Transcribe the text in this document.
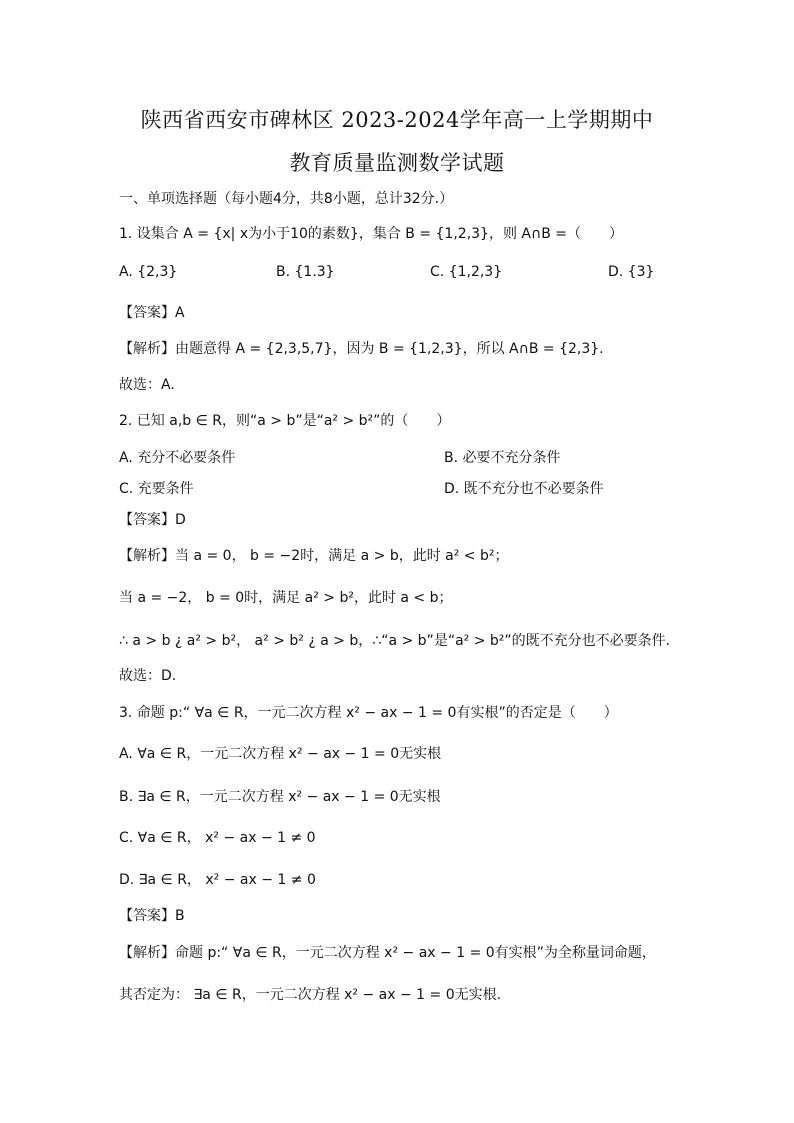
陕西省西安市碑林区 2023-2024学年高一上学期期中
教育质量监测数学试题
一、单项选择题（每小题4分，共8小题，总计32分.）
1. 设集合 A = {x| x为小于10的素数}，集合 B = {1,2,3}，则 A∩B =（　　）
A. {2,3}	B. {1.3}	C. {1,2,3}	D. {3}
【答案】A
【解析】由题意得 A = {2,3,5,7}，因为 B = {1,2,3}，所以 A∩B = {2,3}.
故选：A.
2. 已知 a,b ∈ R，则“a > b”是“a² > b²”的（　　）
A. 充分不必要条件	B. 必要不充分条件
C. 充要条件	D. 既不充分也不必要条件
【答案】D
【解析】当 a = 0， b = −2时，满足 a > b，此时 a² < b²；
当 a = −2， b = 0时，满足 a² > b²，此时 a < b；
∴ a > b ¿ a² > b²， a² > b² ¿ a > b，∴“a > b”是“a² > b²”的既不充分也不必要条件.
故选：D.
3. 命题 p:“ ∀a ∈ R，一元二次方程 x² − ax − 1 = 0有实根”的否定是（　　）
A. ∀a ∈ R，一元二次方程 x² − ax − 1 = 0无实根
B. ∃a ∈ R，一元二次方程 x² − ax − 1 = 0无实根
C. ∀a ∈ R， x² − ax − 1 ≠ 0
D. ∃a ∈ R， x² − ax − 1 ≠ 0
【答案】B
【解析】命题 p:“ ∀a ∈ R，一元二次方程 x² − ax − 1 = 0有实根”为全称量词命题，
其否定为： ∃a ∈ R，一元二次方程 x² − ax − 1 = 0无实根.
